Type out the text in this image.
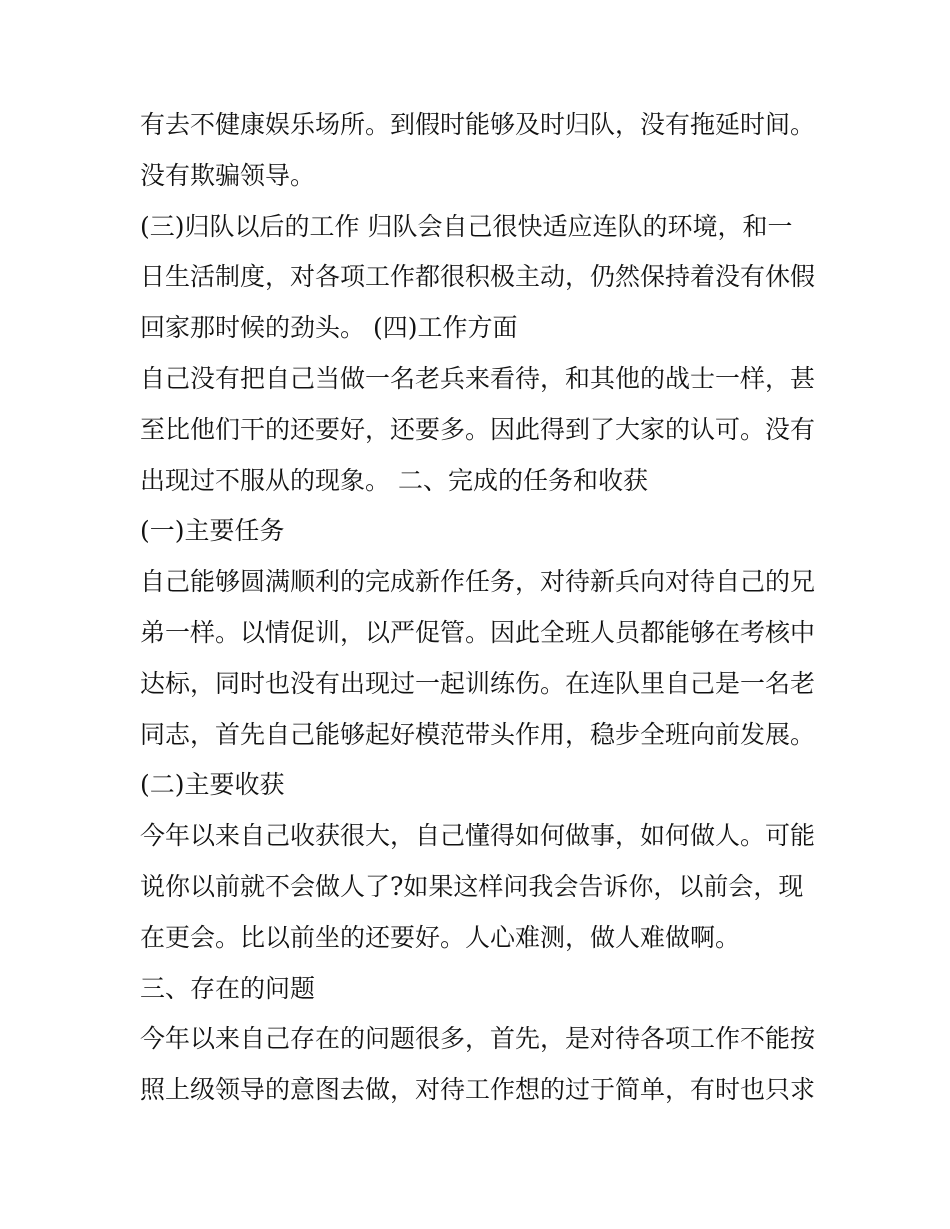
有去不健康娱乐场所。到假时能够及时归队，没有拖延时间。
没有欺骗领导。
(三)归队以后的工作 归队会自己很快适应连队的环境，和一
日生活制度，对各项工作都很积极主动，仍然保持着没有休假
回家那时候的劲头。 (四)工作方面
自己没有把自己当做一名老兵来看待，和其他的战士一样，甚
至比他们干的还要好，还要多。因此得到了大家的认可。没有
出现过不服从的现象。 二、完成的任务和收获
(一)主要任务
自己能够圆满顺利的完成新作任务，对待新兵向对待自己的兄
弟一样。以情促训，以严促管。因此全班人员都能够在考核中
达标，同时也没有出现过一起训练伤。在连队里自己是一名老
同志，首先自己能够起好模范带头作用，稳步全班向前发展。
(二)主要收获
今年以来自己收获很大，自己懂得如何做事，如何做人。可能
说你以前就不会做人了?如果这样问我会告诉你，以前会，现
在更会。比以前坐的还要好。人心难测，做人难做啊。
三、存在的问题
今年以来自己存在的问题很多，首先，是对待各项工作不能按
照上级领导的意图去做，对待工作想的过于简单，有时也只求
